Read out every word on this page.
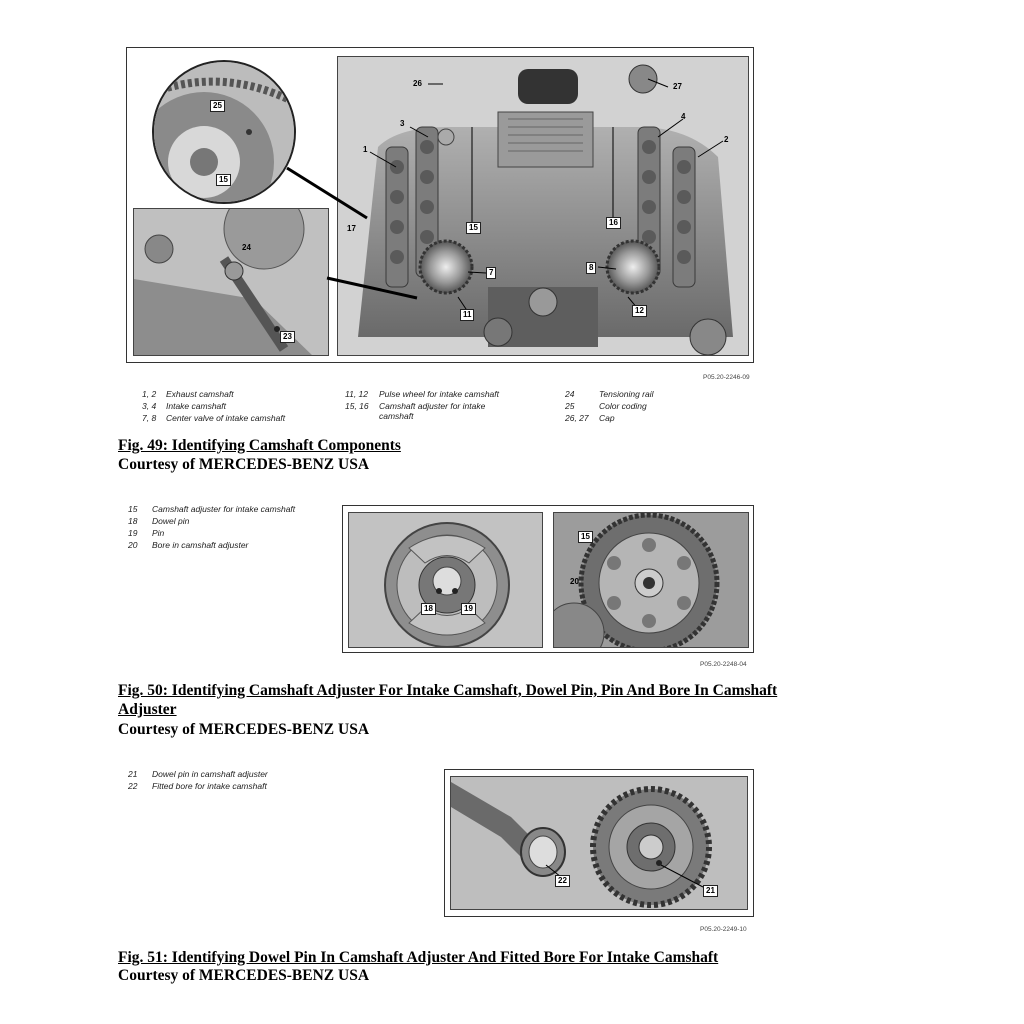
26	27
3
4
1
2
15
16
7
8
11	12
25
15
17
24
23
P05.20-2246-09
1, 2	Exhaust camshaft
3, 4	Intake camshaft
7, 8	Center valve of intake camshaft
11, 12	Pulse wheel for intake camshaft
15, 16	Camshaft adjuster for intake
camshaft
24	Tensioning rail
25	Color coding
26, 27	Cap
Fig. 49: Identifying Camshaft Components
Courtesy of MERCEDES-BENZ USA
15	Camshaft adjuster for intake camshaft
18	Dowel pin
19	Pin
20	Bore in camshaft adjuster
18	19
15
20
P05.20-2248-04
Fig. 50: Identifying Camshaft Adjuster For Intake Camshaft, Dowel Pin, Pin And Bore In Camshaft
Adjuster
Courtesy of MERCEDES-BENZ USA
21	Dowel pin in camshaft adjuster
22	Fitted bore for intake camshaft
22
21
P05.20-2249-10
Fig. 51: Identifying Dowel Pin In Camshaft Adjuster And Fitted Bore For Intake Camshaft
Courtesy of MERCEDES-BENZ USA
